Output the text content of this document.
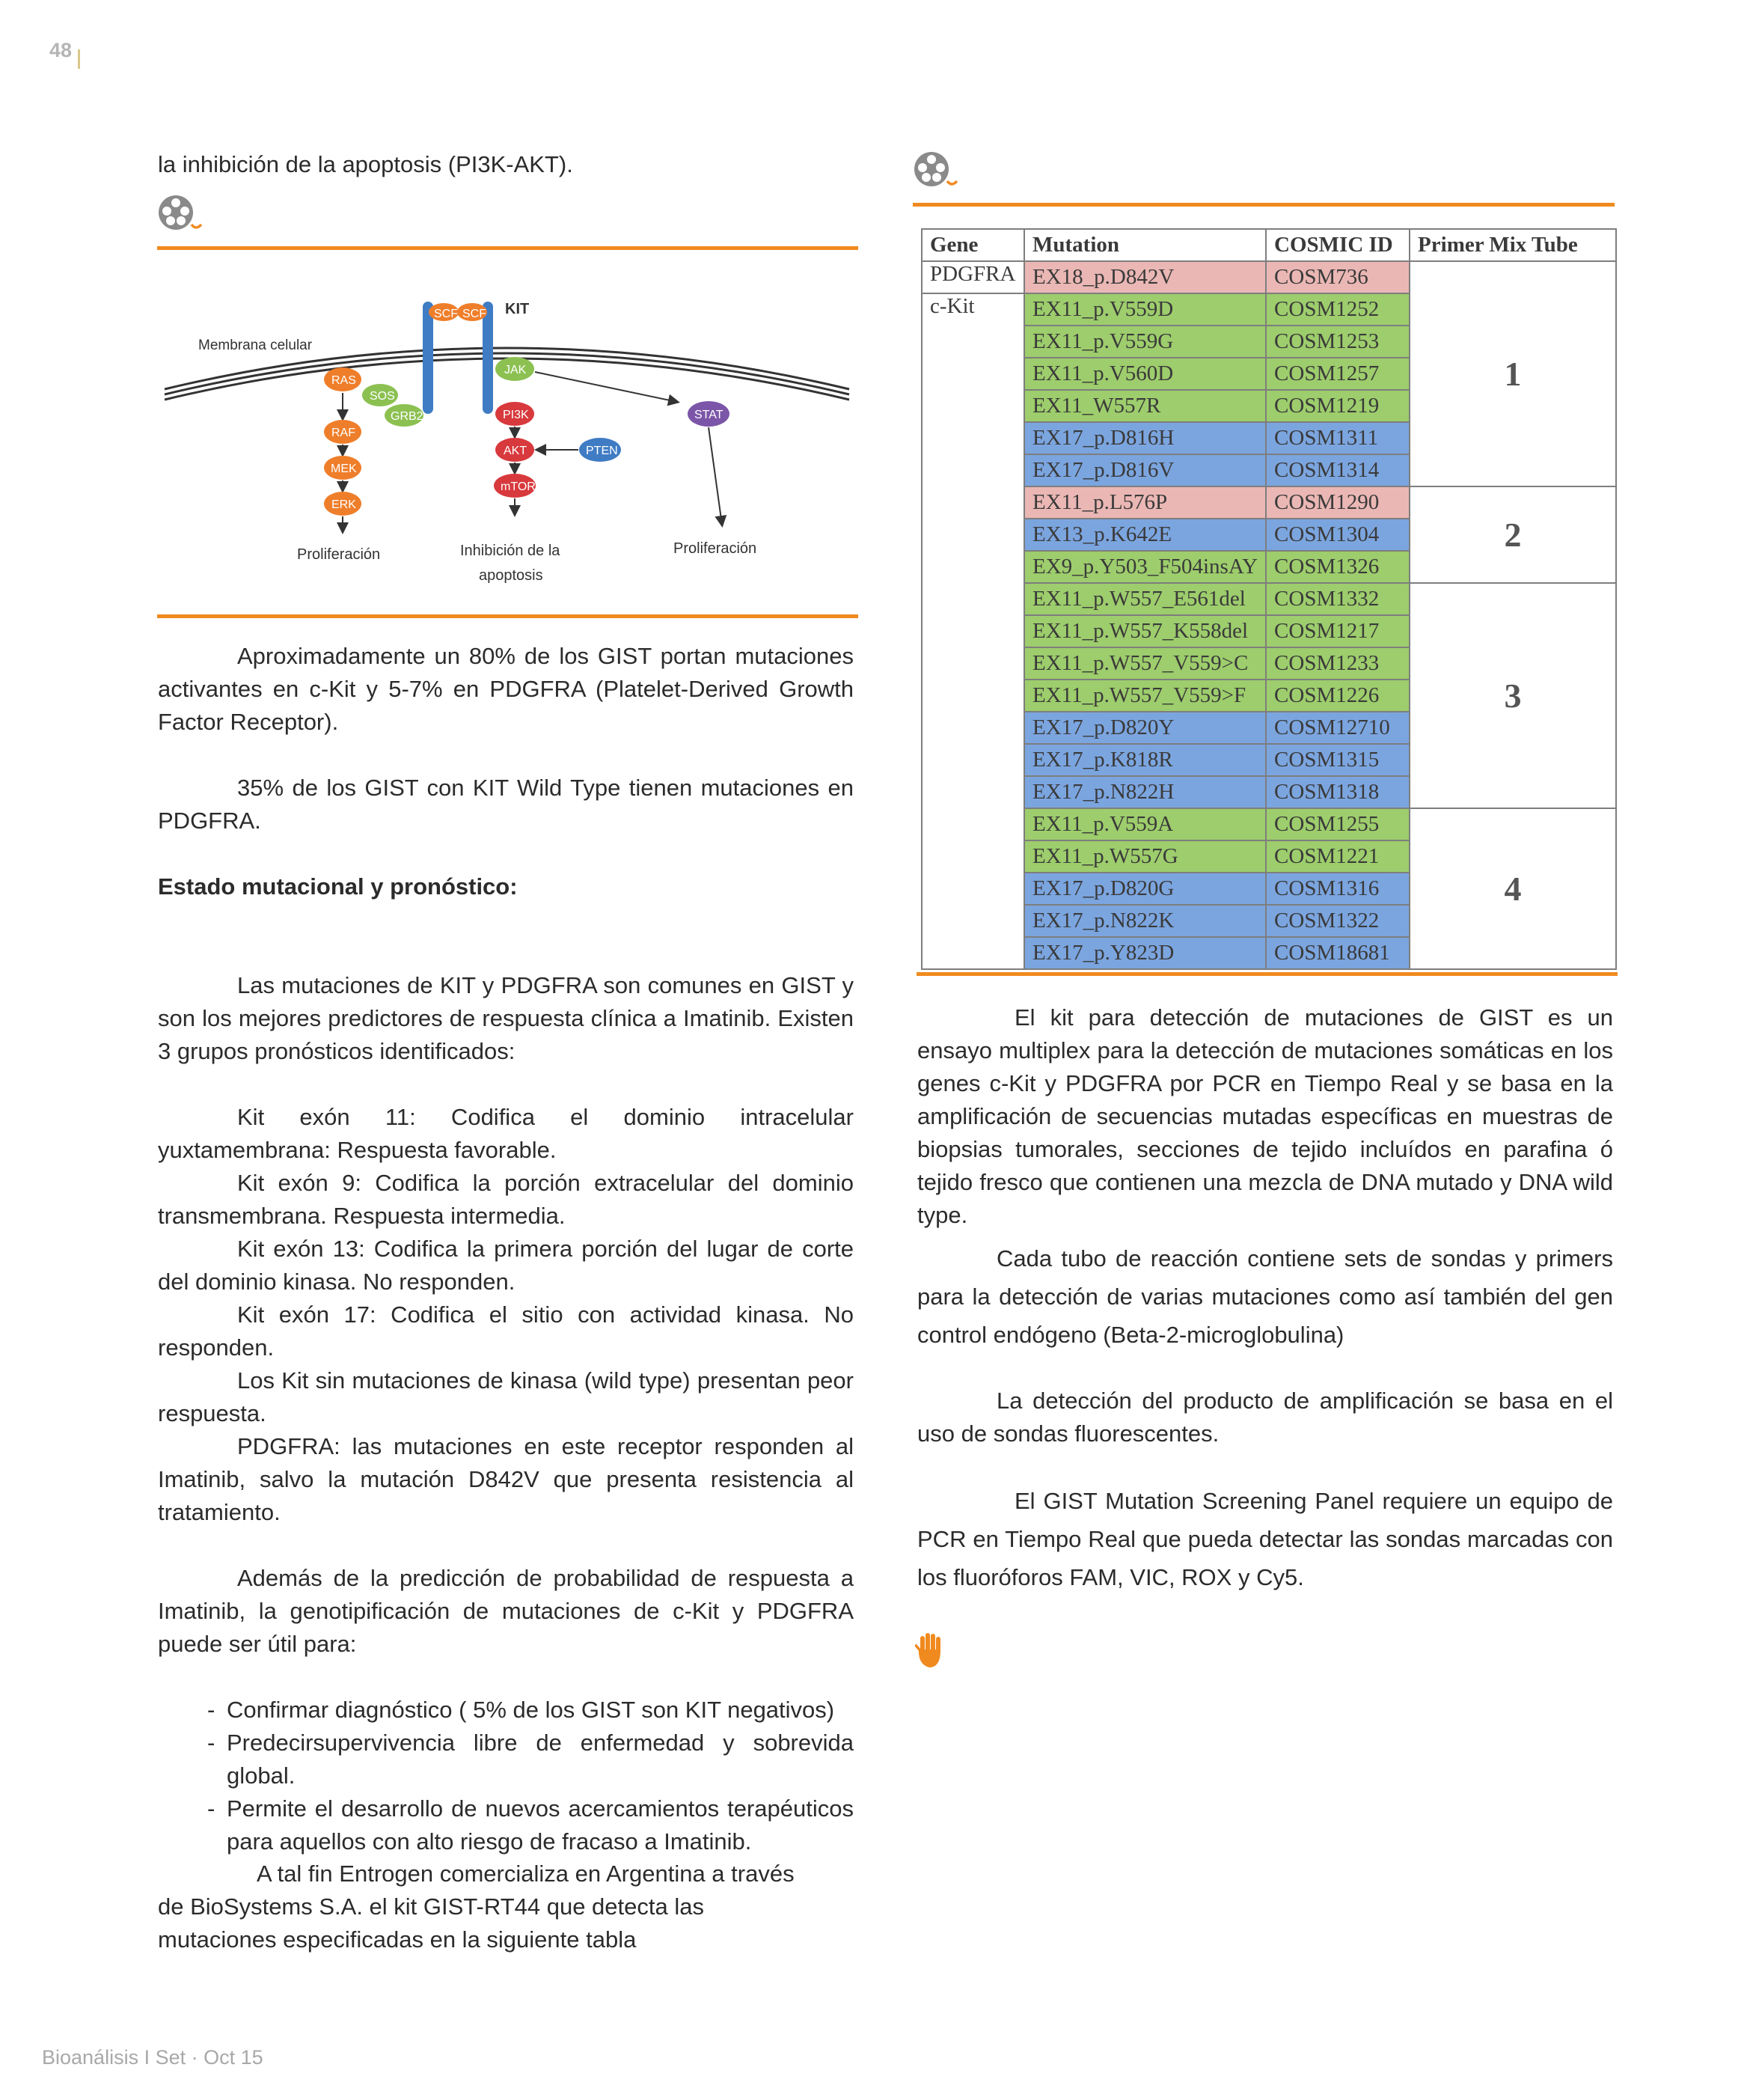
48
Bioanálisis I Set · Oct 15

la inhibición de la apoptosis (PI3K-AKT).

Membrana celular
SCF SCF KIT
RAS
SOS
GRB2
RAF
MEK
ERK
Proliferación
JAK
PI3K
AKT
mTOR
Inhibición de la
apoptosis
PTEN
STAT
Proliferación

Aproximadamente un 80% de los GIST portan mutaciones activantes en c-Kit y 5-7% en PDGFRA (Platelet-Derived Growth Factor Receptor).

35% de los GIST con KIT Wild Type tienen mutaciones en PDGFRA.

Estado mutacional y pronóstico:

Las mutaciones de KIT y PDGFRA son comunes en GIST y son los mejores predictores de respuesta clínica a Imatinib. Existen 3 grupos pronósticos identificados:

Kit exón 11: Codifica el dominio intracelular yuxtamembrana: Respuesta favorable.

Kit exón 9: Codifica la porción extracelular del dominio transmembrana. Respuesta intermedia.

Kit exón 13: Codifica la primera porción del lugar de corte del dominio kinasa. No responden.

Kit exón 17: Codifica el sitio con actividad kinasa. No responden.

Los Kit sin mutaciones de kinasa (wild type) presentan peor respuesta.

PDGFRA: las mutaciones en este receptor responden al Imatinib, salvo la mutación D842V que presenta resistencia al tratamiento.

Además de la predicción de probabilidad de respuesta a Imatinib, la genotipificación de mutaciones de c-Kit y PDGFRA puede ser útil para:

- Confirmar diagnóstico ( 5% de los GIST son KIT negativos)
- Predecirsupervivencia libre de enfermedad y sobrevida global.
- Permite el desarrollo de nuevos acercamientos terapéuticos para aquellos con alto riesgo de fracaso a Imatinib.

A tal fin Entrogen comercializa en Argentina a través de BioSystems S.A. el kit GIST-RT44 que detecta las mutaciones especificadas en la siguiente tabla

Gene	Mutation	COSMIC ID	Primer Mix Tube
PDGFRA	EX18_p.D842V	COSM736	1
c-Kit	EX11_p.V559D	COSM1252	
	EX11_p.V559G	COSM1253	
	EX11_p.V560D	COSM1257	
	EX11_W557R	COSM1219	
	EX17_p.D816H	COSM1311	
	EX17_p.D816V	COSM1314	
	EX11_p.L576P	COSM1290	2
	EX13_p.K642E	COSM1304	
	EX9_p.Y503_F504insAY	COSM1326	
	EX11_p.W557_E561del	COSM1332	3
	EX11_p.W557_K558del	COSM1217	
	EX11_p.W557_V559>C	COSM1233	
	EX11_p.W557_V559>F	COSM1226	
	EX17_p.D820Y	COSM12710	
	EX17_p.K818R	COSM1315	
	EX17_p.N822H	COSM1318	
	EX11_p.V559A	COSM1255	4
	EX11_p.W557G	COSM1221	
	EX17_p.D820G	COSM1316	
	EX17_p.N822K	COSM1322	
	EX17_p.Y823D	COSM18681	

El kit para detección de mutaciones de GIST es un ensayo multiplex para la detección de mutaciones somáticas en los genes c-Kit y PDGFRA por PCR en Tiempo Real y se basa en la amplificación de secuencias mutadas específicas en muestras de biopsias tumorales, secciones de tejido incluídos en parafina ó tejido fresco que contienen una mezcla de DNA mutado y DNA wild type.

Cada tubo de reacción contiene sets de sondas y primers para la detección de varias mutaciones como así también del gen control endógeno (Beta-2-microglobulina)

La detección del producto de amplificación se basa en el uso de sondas fluorescentes.

El GIST Mutation Screening Panel requiere un equipo de PCR en Tiempo Real que pueda detectar las sondas marcadas con los fluoróforos FAM, VIC, ROX y Cy5.
